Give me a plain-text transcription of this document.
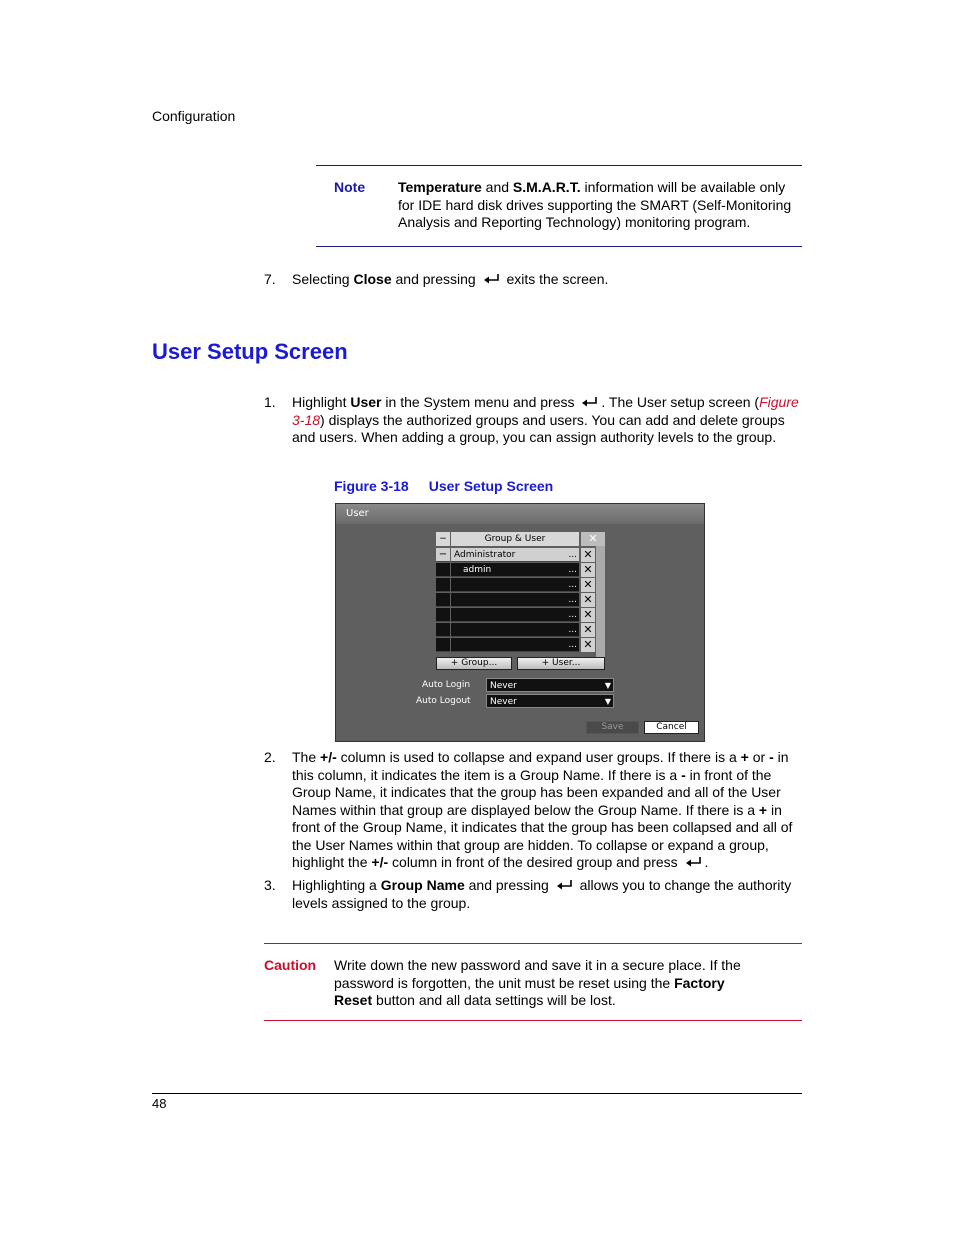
Configuration
Note Temperature and S.M.A.R.T. information will be available only for IDE hard disk drives supporting the SMART (Self-Monitoring Analysis and Reporting Technology) monitoring program.
7. Selecting Close and pressing  exits the screen.
User Setup Screen
1. Highlight User in the System menu and press . The User setup screen (Figure 3-18) displays the authorized groups and users. You can add and delete groups and users. When adding a group, you can assign authority levels to the group.
Figure 3-18 User Setup Screen
User
−	Group & User	✕
− Administrator	... ✕
admin	... ✕
... ✕
... ✕
... ✕
... ✕
... ✕
+ Group...	+ User...
Auto Login	Never	▼
Auto Logout	Never	▼
Save	Cancel
2. The +/- column is used to collapse and expand user groups. If there is a + or - in this column, it indicates the item is a Group Name. If there is a - in front of the Group Name, it indicates that the group has been expanded and all of the User Names within that group are displayed below the Group Name. If there is a + in front of the Group Name, it indicates that the group has been collapsed and all of the User Names within that group are hidden. To collapse or expand a group, highlight the +/- column in front of the desired group and press .
3. Highlighting a Group Name and pressing  allows you to change the authority levels assigned to the group.
Caution Write down the new password and save it in a secure place. If the password is forgotten, the unit must be reset using the Factory Reset button and all data settings will be lost.
48
